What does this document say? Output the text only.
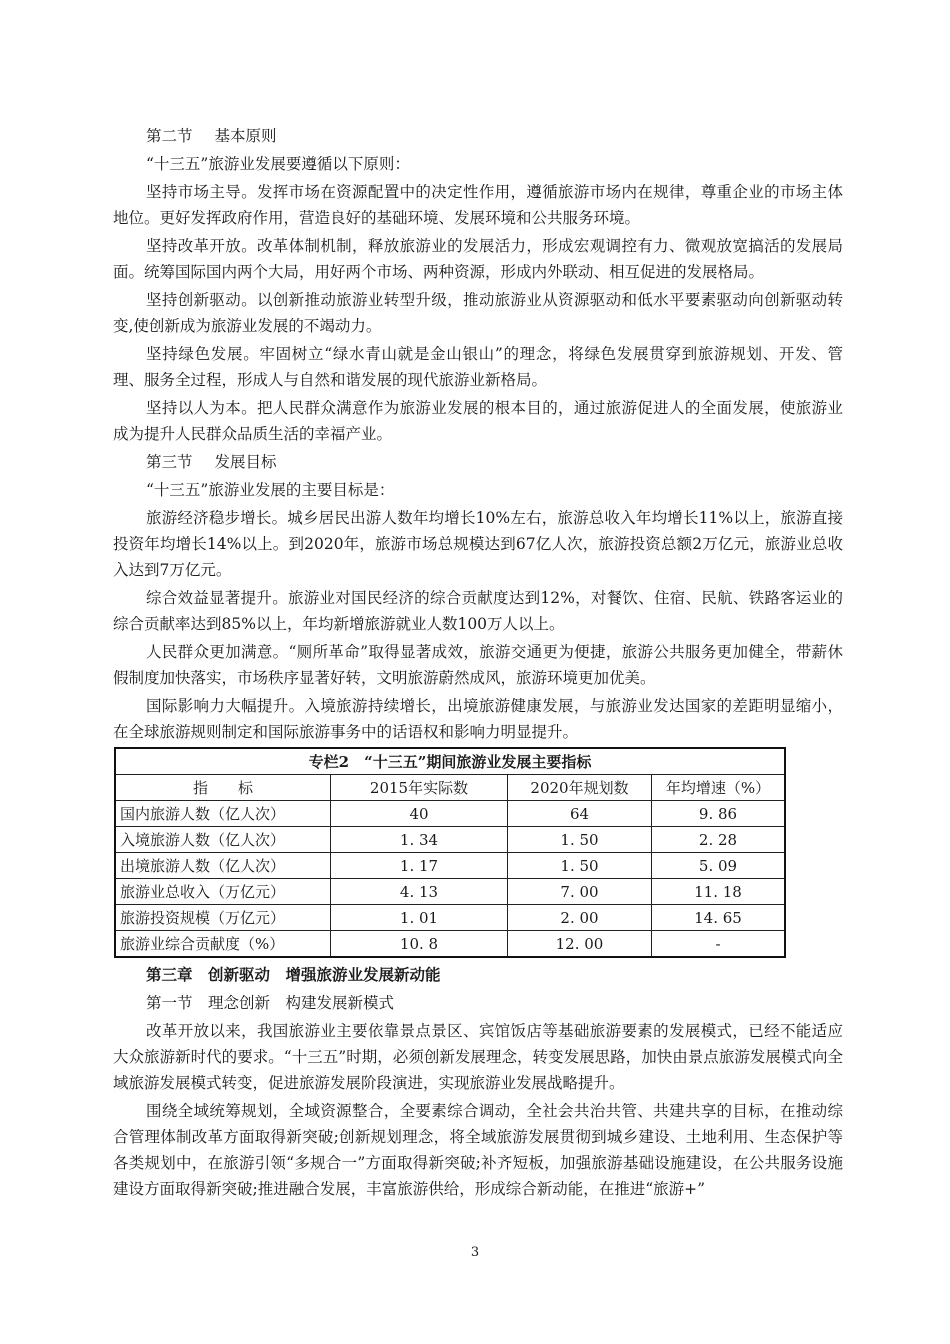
第二节 基本原则
“十三五”旅游业发展要遵循以下原则：
坚持市场主导。发挥市场在资源配置中的决定性作用，遵循旅游市场内在规律，尊重企业的市场主体地位。更好发挥政府作用，营造良好的基础环境、发展环境和公共服务环境。
坚持改革开放。改革体制机制，释放旅游业的发展活力，形成宏观调控有力、微观放宽搞活的发展局面。统筹国际国内两个大局，用好两个市场、两种资源，形成内外联动、相互促进的发展格局。
坚持创新驱动。以创新推动旅游业转型升级，推动旅游业从资源驱动和低水平要素驱动向创新驱动转变,使创新成为旅游业发展的不竭动力。
坚持绿色发展。牢固树立“绿水青山就是金山银山”的理念，将绿色发展贯穿到旅游规划、开发、管理、服务全过程，形成人与自然和谐发展的现代旅游业新格局。
坚持以人为本。把人民群众满意作为旅游业发展的根本目的，通过旅游促进人的全面发展，使旅游业成为提升人民群众品质生活的幸福产业。
第三节 发展目标
“十三五”旅游业发展的主要目标是：
旅游经济稳步增长。城乡居民出游人数年均增长10%左右，旅游总收入年均增长11%以上，旅游直接投资年均增长14%以上。到2020年，旅游市场总规模达到67亿人次，旅游投资总额2万亿元，旅游业总收入达到7万亿元。
综合效益显著提升。旅游业对国民经济的综合贡献度达到12%，对餐饮、住宿、民航、铁路客运业的综合贡献率达到85%以上，年均新增旅游就业人数100万人以上。
人民群众更加满意。“厕所革命”取得显著成效，旅游交通更为便捷，旅游公共服务更加健全，带薪休假制度加快落实，市场秩序显著好转，文明旅游蔚然成风，旅游环境更加优美。
国际影响力大幅提升。入境旅游持续增长，出境旅游健康发展，与旅游业发达国家的差距明显缩小，在全球旅游规则制定和国际旅游事务中的话语权和影响力明显提升。
专栏2　“十三五”期间旅游业发展主要指标			
指　　标	2015年实际数	2020年规划数	年均增速（%）
国内旅游人数（亿人次）	40	64	9. 86
入境旅游人数（亿人次）	1. 34	1. 50	2. 28
出境旅游人数（亿人次）	1. 17	1. 50	5. 09
旅游业总收入（万亿元）	4. 13	7. 00	11. 18
旅游投资规模（万亿元）	1. 01	2. 00	14. 65
旅游业综合贡献度（%）	10. 8	12. 00	-
第三章　创新驱动　增强旅游业发展新动能
第一节　理念创新　构建发展新模式
改革开放以来，我国旅游业主要依靠景点景区、宾馆饭店等基础旅游要素的发展模式，已经不能适应大众旅游新时代的要求。“十三五”时期，必须创新发展理念，转变发展思路，加快由景点旅游发展模式向全域旅游发展模式转变，促进旅游发展阶段演进，实现旅游业发展战略提升。
围绕全域统筹规划，全域资源整合，全要素综合调动，全社会共治共管、共建共享的目标，在推动综合管理体制改革方面取得新突破;创新规划理念，将全域旅游发展贯彻到城乡建设、土地利用、生态保护等各类规划中，在旅游引领“多规合一”方面取得新突破;补齐短板，加强旅游基础设施建设，在公共服务设施建设方面取得新突破;推进融合发展，丰富旅游供给，形成综合新动能，在推进“旅游+”
3
